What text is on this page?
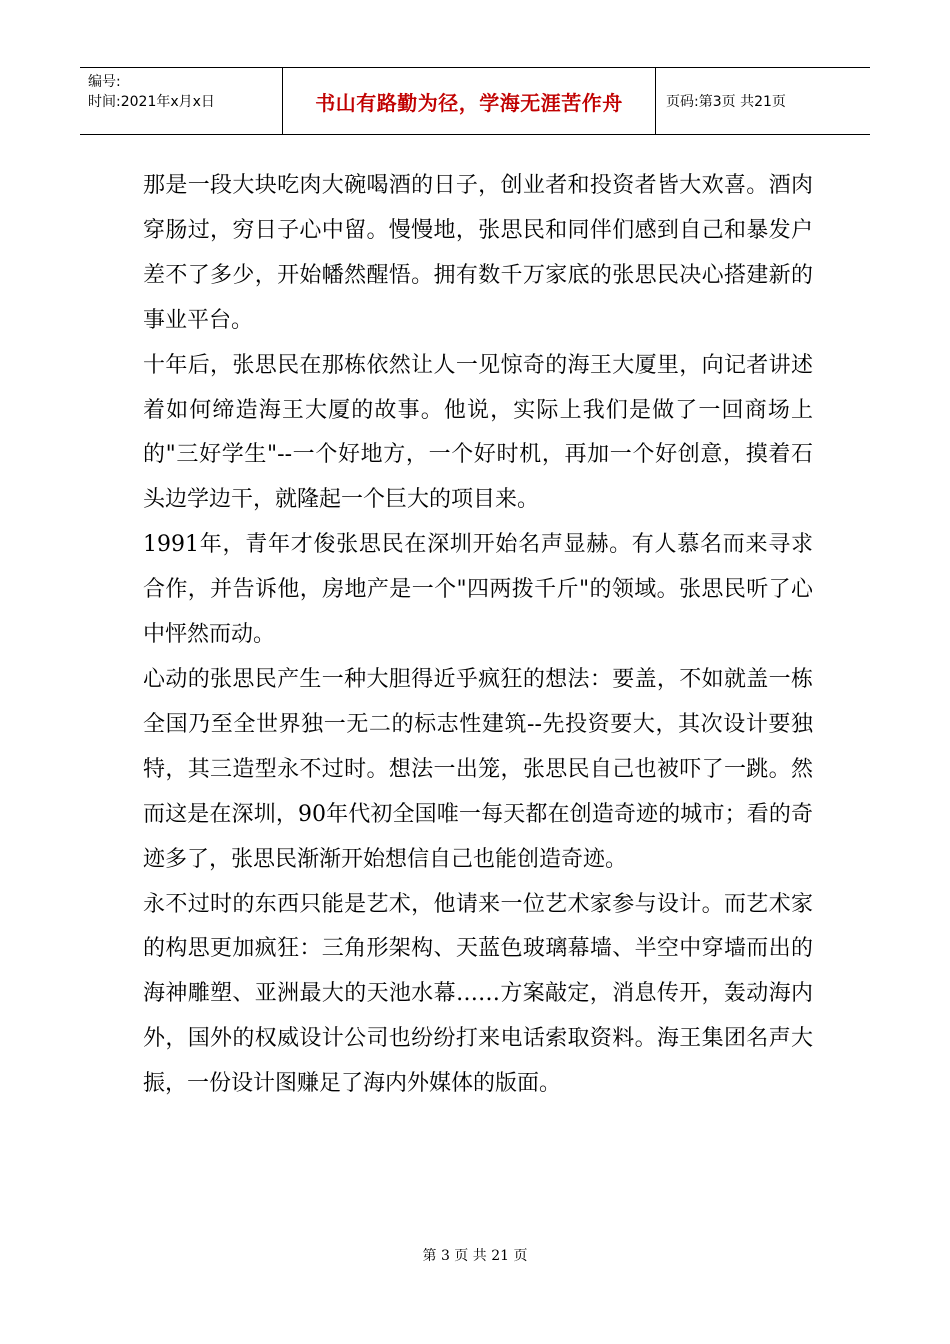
编号:
时间:2021年x月x日	书山有路勤为径，学海无涯苦作舟	页码:第3页 共21页

那是一段大块吃肉大碗喝酒的日子，创业者和投资者皆大欢喜。酒肉穿肠过，穷日子心中留。慢慢地，张思民和同伴们感到自己和暴发户差不了多少，开始幡然醒悟。拥有数千万家底的张思民决心搭建新的事业平台。

十年后，张思民在那栋依然让人一见惊奇的海王大厦里，向记者讲述着如何缔造海王大厦的故事。他说，实际上我们是做了一回商场上的"三好学生"--一个好地方，一个好时机，再加一个好创意，摸着石头边学边干，就隆起一个巨大的项目来。

1991年，青年才俊张思民在深圳开始名声显赫。有人慕名而来寻求合作，并告诉他，房地产是一个"四两拨千斤"的领域。张思民听了心中怦然而动。

心动的张思民产生一种大胆得近乎疯狂的想法：要盖，不如就盖一栋全国乃至全世界独一无二的标志性建筑--先投资要大，其次设计要独特，其三造型永不过时。想法一出笼，张思民自己也被吓了一跳。然而这是在深圳，90年代初全国唯一每天都在创造奇迹的城市；看的奇迹多了，张思民渐渐开始想信自己也能创造奇迹。

永不过时的东西只能是艺术，他请来一位艺术家参与设计。而艺术家的构思更加疯狂：三角形架构、天蓝色玻璃幕墙、半空中穿墙而出的海神雕塑、亚洲最大的天池水幕……方案敲定，消息传开，轰动海内外，国外的权威设计公司也纷纷打来电话索取资料。海王集团名声大振，一份设计图赚足了海内外媒体的版面。

第 3 页 共 21 页
